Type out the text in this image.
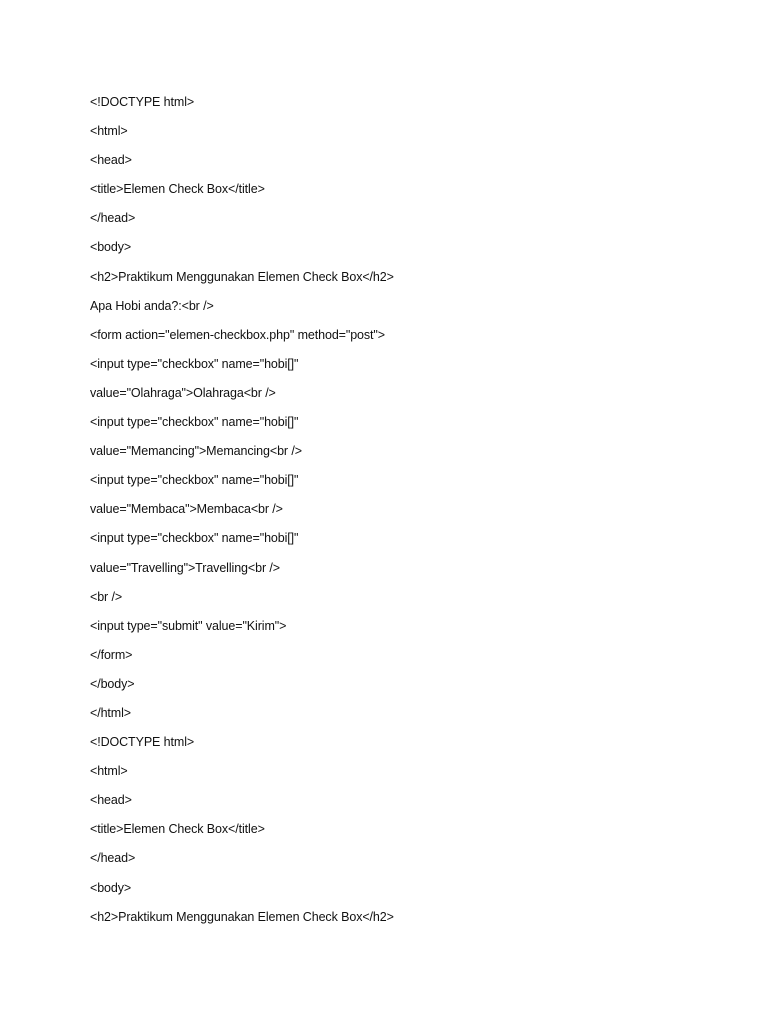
<!DOCTYPE html>
<html>
<head>
<title>Elemen Check Box</title>
</head>
<body>
<h2>Praktikum Menggunakan Elemen Check Box</h2>
Apa Hobi anda?:<br />
<form action="elemen-checkbox.php" method="post">
<input type="checkbox" name="hobi[]"
value="Olahraga">Olahraga<br />
<input type="checkbox" name="hobi[]"
value="Memancing">Memancing<br />
<input type="checkbox" name="hobi[]"
value="Membaca">Membaca<br />
<input type="checkbox" name="hobi[]"
value="Travelling">Travelling<br />
<br />
<input type="submit" value="Kirim">
</form>
</body>
</html>
<!DOCTYPE html>
<html>
<head>
<title>Elemen Check Box</title>
</head>
<body>
<h2>Praktikum Menggunakan Elemen Check Box</h2>
